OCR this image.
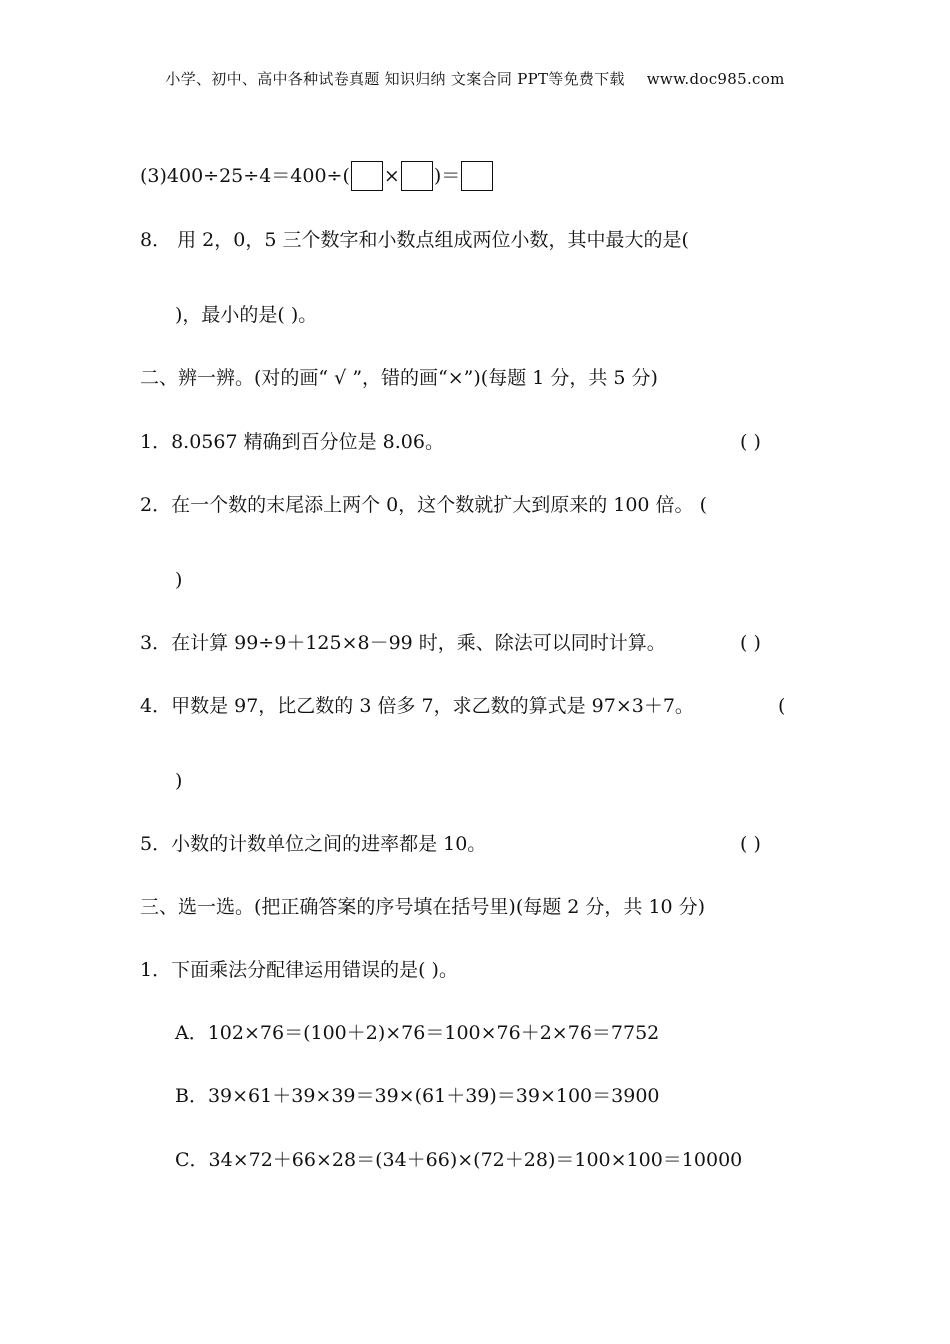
小学、初中、高中各种试卷真题 知识归纳 文案合同 PPT等免费下载 www.doc985.com
(3)400÷25÷4＝400÷( × )＝
8． 用 2，0，5 三个数字和小数点组成两位小数，其中最大的是(
)，最小的是( )。
二、辨一辨。(对的画“ √ ”，错的画“×”)(每题 1 分，共 5 分)
1．8.0567 精确到百分位是 8.06。	( )
2．在一个数的末尾添上两个 0，这个数就扩大到原来的 100 倍。 (
)
3．在计算 99÷9＋125×8－99 时，乘、除法可以同时计算。	( )
4．甲数是 97，比乙数的 3 倍多 7，求乙数的算式是 97×3＋7。	(
)
5．小数的计数单位之间的进率都是 10。	( )
三、选一选。(把正确答案的序号填在括号里)(每题 2 分，共 10 分)
1．下面乘法分配律运用错误的是( )。
A．102×76＝(100＋2)×76＝100×76＋2×76＝7752
B．39×61＋39×39＝39×(61＋39)＝39×100＝3900
C．34×72＋66×28＝(34＋66)×(72＋28)＝100×100＝10000
